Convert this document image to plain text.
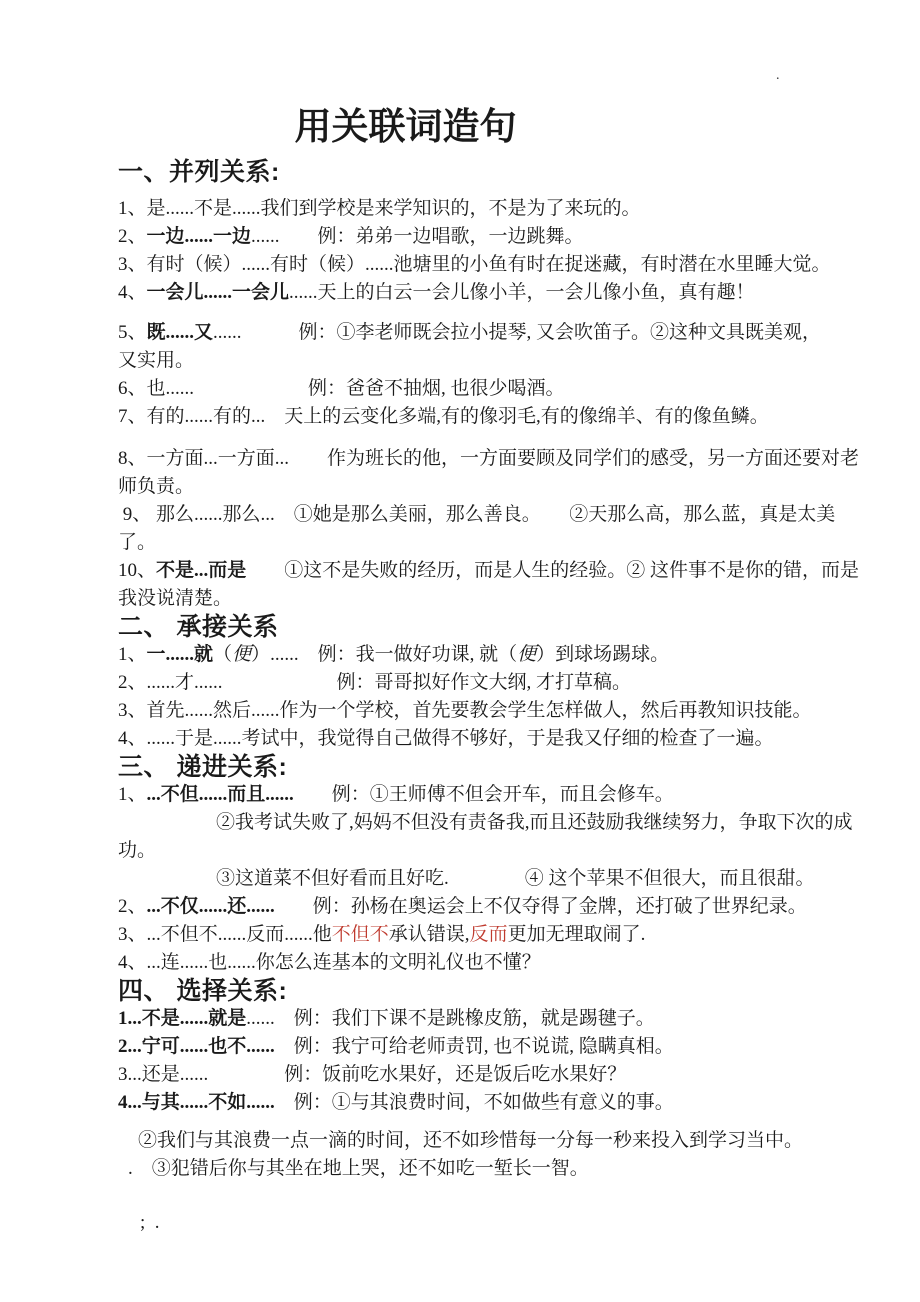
.
用关联词造句
一、并列关系:
1、是......不是......我们到学校是来学知识的，不是为了来玩的。
2、一边......一边......　　例：弟弟一边唱歌，一边跳舞。
3、有时（候）......有时（候）......池塘里的小鱼有时在捉迷藏，有时潜在水里睡大觉。
4、一会儿......一会儿......天上的白云一会儿像小羊，一会儿像小鱼，真有趣！
5、既......又......　　　例：①李老师既会拉小提琴, 又会吹笛子。②这种文具既美观，
又实用。
6、也......　　　　　　例：爸爸不抽烟, 也很少喝酒。
7、有的......有的...　天上的云变化多端,有的像羽毛,有的像绵羊、有的像鱼鳞。
8、一方面...一方面...　　作为班长的他，一方面要顾及同学们的感受，另一方面还要对老
师负责。
9、 那么......那么...　①她是那么美丽，那么善良。　　②天那么高，那么蓝，真是太美
了。
10、不是...而是　　①这不是失败的经历，而是人生的经验。② 这件事不是你的错，而是
我没说清楚。
二、 承接关系
1、一......就（便）......　例：我一做好功课, 就（便）到球场踢球。
2、......才......　　　　　　例：哥哥拟好作文大纲, 才打草稿。
3、首先......然后......作为一个学校，首先要教会学生怎样做人，然后再教知识技能。
4、......于是......考试中，我觉得自己做得不够好，于是我又仔细的检查了一遍。
三、 递进关系:
1、...不但......而且......　　例：①王师傅不但会开车，而且会修车。
②我考试失败了,妈妈不但没有责备我,而且还鼓励我继续努力，争取下次的成
功。
③这道菜不但好看而且好吃.　　　　④ 这个苹果不但很大，而且很甜。
2、...不仅......还......　　例：孙杨在奥运会上不仅夺得了金牌，还打破了世界纪录。
3、...不但不......反而......他不但不承认错误,反而更加无理取闹了.
4、...连......也......你怎么连基本的文明礼仪也不懂？
四、 选择关系:
1...不是......就是......　例：我们下课不是跳橡皮筋，就是踢毽子。
2...宁可......也不......　例：我宁可给老师责罚, 也不说谎, 隐瞒真相。
3...还是......　　　　例：饭前吃水果好，还是饭后吃水果好？
4...与其......不如......　例：①与其浪费时间，不如做些有意义的事。
②我们与其浪费一点一滴的时间，还不如珍惜每一分每一秒来投入到学习当中。
.　③犯错后你与其坐在地上哭，还不如吃一堑长一智。
;  .
